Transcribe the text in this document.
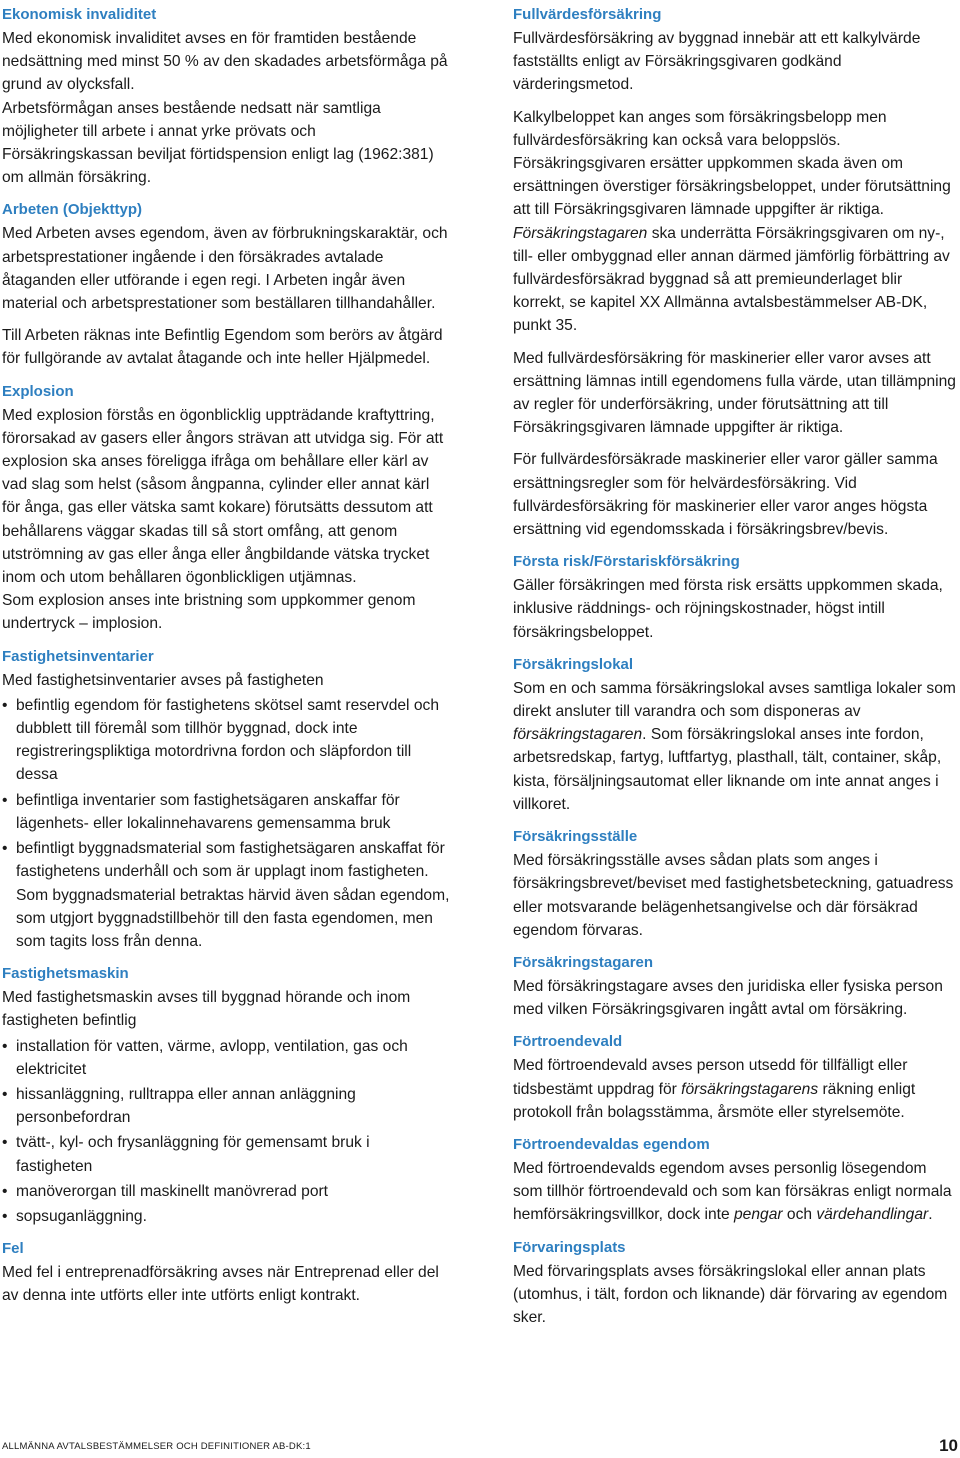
Ekonomisk invaliditet

Med ekonomisk invaliditet avses en för framtiden bestående nedsättning med minst 50 % av den skadades arbetsförmåga på grund av olycksfall.

Arbetsförmågan anses bestående nedsatt när samtliga möjligheter till arbete i annat yrke prövats och Försäkringskassan beviljat förtidspension enligt lag (1962:381) om allmän försäkring.

Arbeten (Objekttyp)

Med Arbeten avses egendom, även av förbrukningskaraktär, och arbetsprestationer ingående i den försäkrades avtalade åtaganden eller utförande i egen regi. I Arbeten ingår även material och arbetsprestationer som beställaren tillhandahåller.

Till Arbeten räknas inte Befintlig Egendom som berörs av åtgärd för fullgörande av avtalat åtagande och inte heller Hjälpmedel.

Explosion

Med explosion förstås en ögonblicklig uppträdande kraftyttring, förorsakad av gasers eller ångors strävan att utvidga sig. För att explosion ska anses föreligga ifråga om behållare eller kärl av vad slag som helst (såsom ångpanna, cylinder eller annat kärl för ånga, gas eller vätska samt kokare) förutsätts dessutom att behållarens väggar skadas till så stort omfång, att genom utströmning av gas eller ånga eller ångbildande vätska trycket inom och utom behållaren ögonblickligen utjämnas.

Som explosion anses inte bristning som uppkommer genom undertryck – implosion.

Fastighetsinventarier

Med fastighetsinventarier avses på fastigheten

• befintlig egendom för fastighetens skötsel samt reservdel och dubblett till föremål som tillhör byggnad, dock inte registreringspliktiga motordrivna fordon och släpfordon till dessa
• befintliga inventarier som fastighetsägaren anskaffar för lägenhets- eller lokalinnehavarens gemensamma bruk
• befintligt byggnadsmaterial som fastighetsägaren anskaffat för fastighetens underhåll och som är upplagt inom fastigheten. Som byggnadsmaterial betraktas härvid även sådan egendom, som utgjort byggnadstillbehör till den fasta egendomen, men som tagits loss från denna.
Fastighetsmaskin

Med fastighetsmaskin avses till byggnad hörande och inom fastigheten befintlig

• installation för vatten, värme, avlopp, ventilation, gas och elektricitet
• hissanläggning, rulltrappa eller annan anläggning personbefordran
• tvätt-, kyl- och frysanläggning för gemensamt bruk i fastigheten
• manöverorgan till maskinellt manövrerad port
• sopsuganläggning.
Fel

Med fel i entreprenadförsäkring avses när Entreprenad eller del av denna inte utförts eller inte utförts enligt kontrakt.

Fullvärdesförsäkring

Fullvärdesförsäkring av byggnad innebär att ett kalkylvärde fastställts enligt av Försäkringsgivaren godkänd värderingsmetod.

Kalkylbeloppet kan anges som försäkringsbelopp men fullvärdesförsäkring kan också vara beloppslös. Försäkringsgivaren ersätter uppkommen skada även om ersättningen överstiger försäkringsbeloppet, under förutsättning att till Försäkringsgivaren lämnade uppgifter är riktiga. Försäkringstagaren ska underrätta Försäkringsgivaren om ny-, till- eller ombyggnad eller annan därmed jämförlig förbättring av fullvärdesförsäkrad byggnad så att premieunderlaget blir korrekt, se kapitel XX Allmänna avtalsbestämmelser AB-DK, punkt 35.

Med fullvärdesförsäkring för maskinerier eller varor avses att ersättning lämnas intill egendomens fulla värde, utan tillämpning av regler för underförsäkring, under förutsättning att till Försäkringsgivaren lämnade uppgifter är riktiga.

För fullvärdesförsäkrade maskinerier eller varor gäller samma ersättningsregler som för helvärdesförsäkring. Vid fullvärdesförsäkring för maskinerier eller varor anges högsta ersättning vid egendomsskada i försäkringsbrev/bevis.

Första risk/Förstariskförsäkring

Gäller försäkringen med första risk ersätts uppkommen skada, inklusive räddnings- och röjningskostnader, högst intill försäkringsbeloppet.

Försäkringslokal

Som en och samma försäkringslokal avses samtliga lokaler som direkt ansluter till varandra och som disponeras av försäkringstagaren. Som försäkringslokal anses inte fordon, arbetsredskap, fartyg, luftfartyg, plasthall, tält, container, skåp, kista, försäljningsautomat eller liknande om inte annat anges i villkoret.

Försäkringsställe

Med försäkringsställe avses sådan plats som anges i försäkringsbrevet/beviset med fastighetsbeteckning, gatuadress eller motsvarande belägenhetsangivelse och där försäkrad egendom förvaras.

Försäkringstagaren

Med försäkringstagare avses den juridiska eller fysiska person med vilken Försäkringsgivaren ingått avtal om försäkring.

Förtroendevald

Med förtroendevald avses person utsedd för tillfälligt eller tidsbestämt uppdrag för försäkringstagarens räkning enligt protokoll från bolagsstämma, årsmöte eller styrelsemöte.

Förtroendevaldas egendom

Med förtroendevalds egendom avses personlig lösegendom som tillhör förtroendevald och som kan försäkras enligt normala hemförsäkringsvillkor, dock inte pengar och värdehandlingar.

Förvaringsplats

Med förvaringsplats avses försäkringslokal eller annan plats (utomhus, i tält, fordon och liknande) där förvaring av egendom sker.

ALLMÄNNA AVTALSBESTÄMMELSER OCH DEFINITIONER AB-DK:1	10
